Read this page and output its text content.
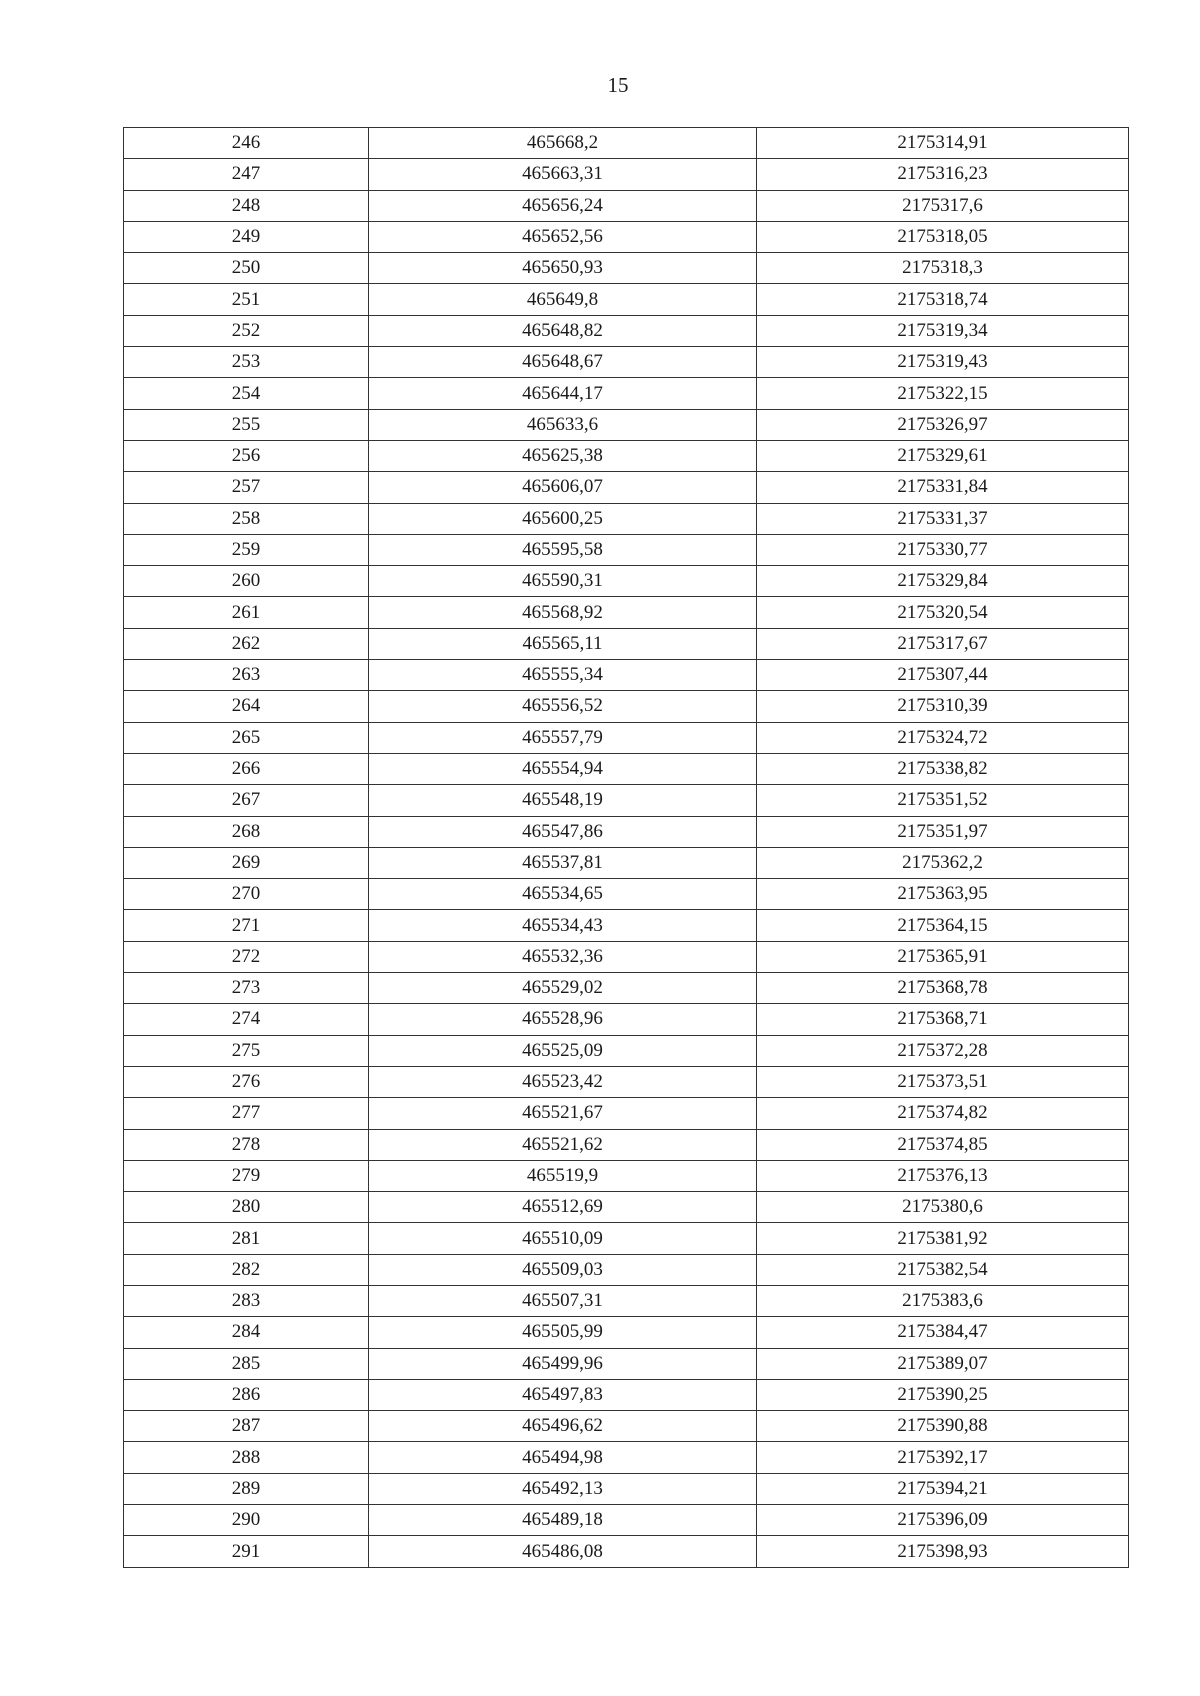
15
246	465668,2	2175314,91
247	465663,31	2175316,23
248	465656,24	2175317,6
249	465652,56	2175318,05
250	465650,93	2175318,3
251	465649,8	2175318,74
252	465648,82	2175319,34
253	465648,67	2175319,43
254	465644,17	2175322,15
255	465633,6	2175326,97
256	465625,38	2175329,61
257	465606,07	2175331,84
258	465600,25	2175331,37
259	465595,58	2175330,77
260	465590,31	2175329,84
261	465568,92	2175320,54
262	465565,11	2175317,67
263	465555,34	2175307,44
264	465556,52	2175310,39
265	465557,79	2175324,72
266	465554,94	2175338,82
267	465548,19	2175351,52
268	465547,86	2175351,97
269	465537,81	2175362,2
270	465534,65	2175363,95
271	465534,43	2175364,15
272	465532,36	2175365,91
273	465529,02	2175368,78
274	465528,96	2175368,71
275	465525,09	2175372,28
276	465523,42	2175373,51
277	465521,67	2175374,82
278	465521,62	2175374,85
279	465519,9	2175376,13
280	465512,69	2175380,6
281	465510,09	2175381,92
282	465509,03	2175382,54
283	465507,31	2175383,6
284	465505,99	2175384,47
285	465499,96	2175389,07
286	465497,83	2175390,25
287	465496,62	2175390,88
288	465494,98	2175392,17
289	465492,13	2175394,21
290	465489,18	2175396,09
291	465486,08	2175398,93
